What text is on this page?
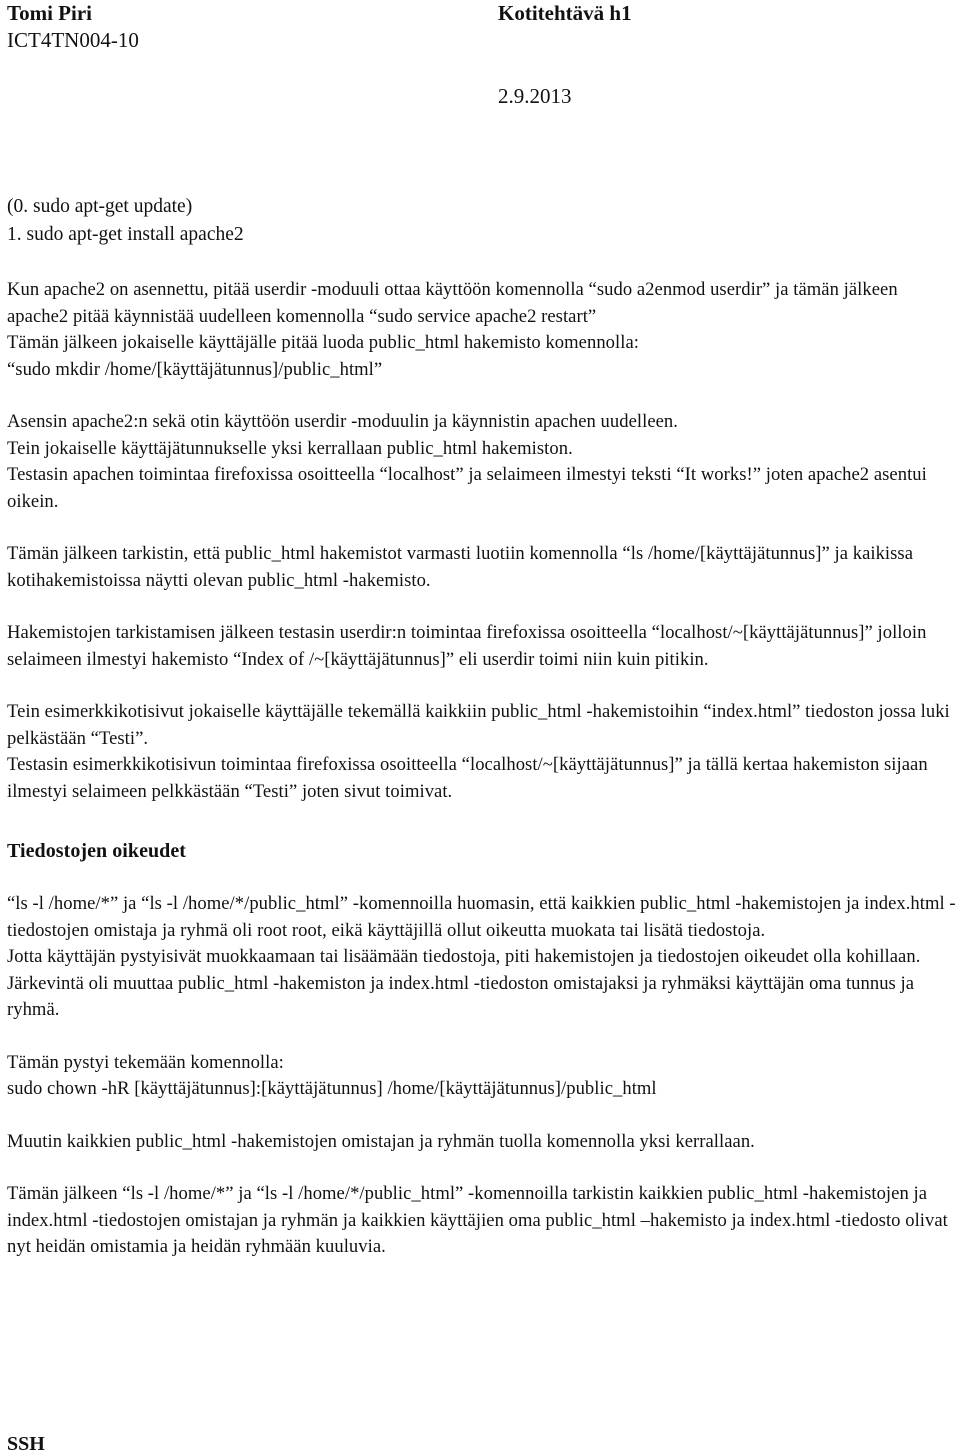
Tomi Piri	Kotitehtävä h1
ICT4TN004-10
2.9.2013
(0. sudo apt-get update)
1. sudo apt-get install apache2

Kun apache2 on asennettu, pitää userdir -moduuli ottaa käyttöön komennolla “sudo a2enmod userdir” ja tämän jälkeen apache2 pitää käynnistää uudelleen komennolla “sudo service apache2 restart”

Tämän jälkeen jokaiselle käyttäjälle pitää luoda public_html hakemisto komennolla:

“sudo mkdir /home/[käyttäjätunnus]/public_html”

Asensin apache2:n sekä otin käyttöön userdir -moduulin ja käynnistin apachen uudelleen.

Tein jokaiselle käyttäjätunnukselle yksi kerrallaan public_html hakemiston.

Testasin apachen toimintaa firefoxissa osoitteella “localhost” ja selaimeen ilmestyi teksti “It works!” joten apache2 asentui oikein.

Tämän jälkeen tarkistin, että public_html hakemistot varmasti luotiin komennolla “ls /home/[käyttäjätunnus]” ja kaikissa kotihakemistoissa näytti olevan public_html -hakemisto.

Hakemistojen tarkistamisen jälkeen testasin userdir:n toimintaa firefoxissa osoitteella “localhost/~[käyttäjätunnus]” jolloin selaimeen ilmestyi hakemisto “Index of /~[käyttäjätunnus]” eli userdir toimi niin kuin pitikin.

Tein esimerkkikotisivut jokaiselle käyttäjälle tekemällä kaikkiin public_html -hakemistoihin “index.html” tiedoston jossa luki pelkästään “Testi”.

Testasin esimerkkikotisivun toimintaa firefoxissa osoitteella “localhost/~[käyttäjätunnus]” ja tällä kertaa hakemiston sijaan ilmestyi selaimeen pelkkästään “Testi” joten sivut toimivat.

Tiedostojen oikeudet

“ls -l /home/*” ja “ls -l /home/*/public_html” -komennoilla huomasin, että kaikkien public_html -hakemistojen ja index.html -tiedostojen omistaja ja ryhmä oli root root, eikä käyttäjillä ollut oikeutta muokata tai lisätä tiedostoja.

Jotta käyttäjän pystyisivät muokkaamaan tai lisäämään tiedostoja, piti hakemistojen ja tiedostojen oikeudet olla kohillaan. Järkevintä oli muuttaa public_html -hakemiston ja index.html -tiedoston omistajaksi ja ryhmäksi käyttäjän oma tunnus ja ryhmä.

Tämän pystyi tekemään komennolla:

sudo chown -hR [käyttäjätunnus]:[käyttäjätunnus] /home/[käyttäjätunnus]/public_html

Muutin kaikkien public_html -hakemistojen omistajan ja ryhmän tuolla komennolla yksi kerrallaan.

Tämän jälkeen “ls -l /home/*” ja “ls -l /home/*/public_html” -komennoilla tarkistin kaikkien public_html -hakemistojen ja index.html -tiedostojen omistajan ja ryhmän ja kaikkien käyttäjien oma public_html –hakemisto ja index.html -tiedosto olivat nyt heidän omistamia ja heidän ryhmään kuuluvia.

SSH
